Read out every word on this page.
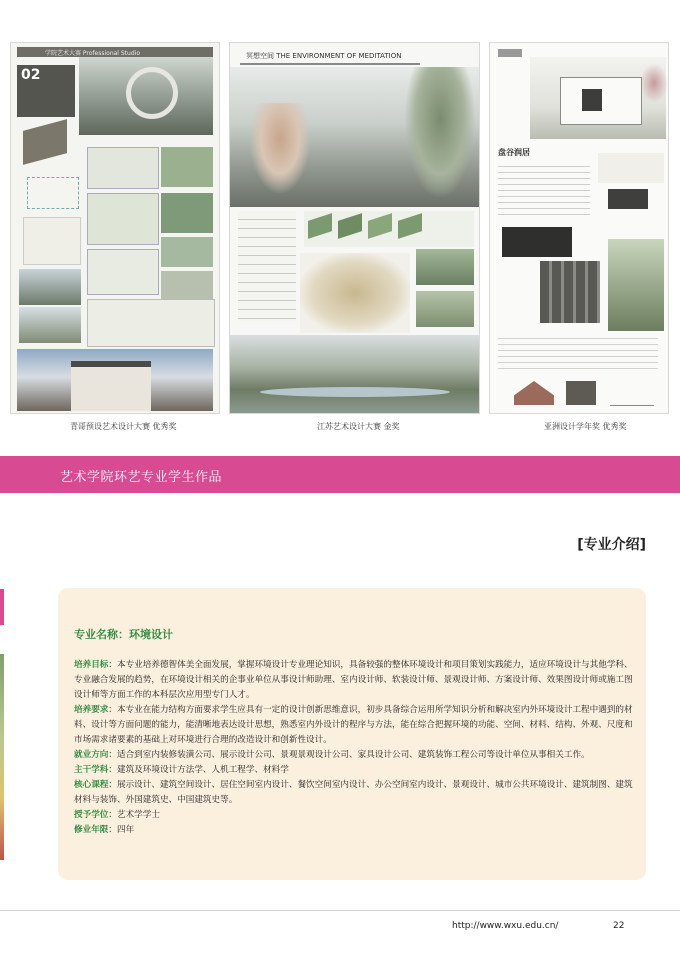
学院艺术大赛 Professional Studio
02
青哥预设艺术设计大赛 优秀奖
冥想空间 THE ENVIRONMENT OF MEDITATION
江苏艺术设计大赛 金奖
盘谷润居
亚洲设计学年奖 优秀奖
艺术学院环艺专业学生作品
[专业介绍]
专业名称：环境设计

培养目标：本专业培养德智体美全面发展，掌握环境设计专业理论知识，具备较强的整体环境设计和项目策划实践能力，适应环境设计与其他学科、专业融合发展的趋势，在环境设计相关的企事业单位从事设计师助理、室内设计师、软装设计师、景观设计师、方案设计师、效果图设计师或施工图设计师等方面工作的本科层次应用型专门人才。

培养要求：本专业在能力结构方面要求学生应具有一定的设计创新思维意识，初步具备综合运用所学知识分析和解决室内外环境设计工程中遇到的材料、设计等方面问题的能力，能清晰地表达设计思想，熟悉室内外设计的程序与方法，能在综合把握环境的功能、空间、材料、结构、外观、尺度和市场需求诸要素的基础上对环境进行合理的改造设计和创新性设计。

就业方向：适合到室内装修装潢公司、展示设计公司、景观景观设计公司、家具设计公司、建筑装饰工程公司等设计单位从事相关工作。

主干学科：建筑及环境设计方法学、人机工程学、材料学

核心课程：展示设计、建筑空间设计、居住空间室内设计、餐饮空间室内设计、办公空间室内设计、景观设计、城市公共环境设计、建筑制图、建筑材料与装饰、外国建筑史、中国建筑史等。

授予学位：艺术学学士

修业年限：四年

http://www.wxu.edu.cn/	22
